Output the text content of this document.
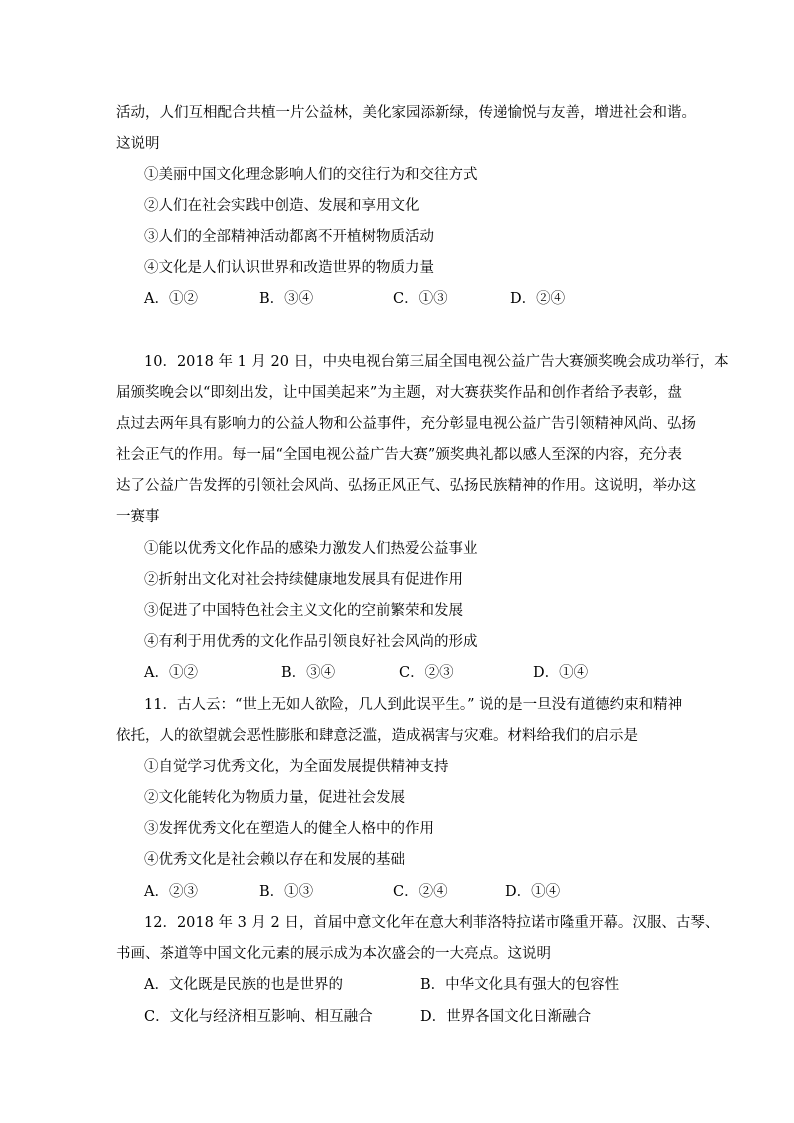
活动，人们互相配合共植一片公益林，美化家园添新绿，传递愉悦与友善，增进社会和谐。
这说明
①美丽中国文化理念影响人们的交往行为和交往方式
②人们在社会实践中创造、发展和享用文化
③人们的全部精神活动都离不开植树物质活动
④文化是人们认识世界和改造世界的物质力量
A．①②	B．③④	C．①③	D．②④
10．2018 年 1 月 20 日，中央电视台第三届全国电视公益广告大赛颁奖晚会成功举行，本
届颁奖晚会以“即刻出发，让中国美起来”为主题，对大赛获奖作品和创作者给予表彰，盘
点过去两年具有影响力的公益人物和公益事件，充分彰显电视公益广告引领精神风尚、弘扬
社会正气的作用。每一届“全国电视公益广告大赛”颁奖典礼都以感人至深的内容，充分表
达了公益广告发挥的引领社会风尚、弘扬正风正气、弘扬民族精神的作用。这说明，举办这
一赛事
①能以优秀文化作品的感染力激发人们热爱公益事业
②折射出文化对社会持续健康地发展具有促进作用
③促进了中国特色社会主义文化的空前繁荣和发展
④有利于用优秀的文化作品引领良好社会风尚的形成
A．①②	B．③④	C．②③	D．①④
11．古人云：“世上无如人欲险，几人到此误平生。” 说的是一旦没有道德约束和精神
依托，人的欲望就会恶性膨胀和肆意泛滥，造成祸害与灾难。材料给我们的启示是
①自觉学习优秀文化，为全面发展提供精神支持
②文化能转化为物质力量，促进社会发展
③发挥优秀文化在塑造人的健全人格中的作用
④优秀文化是社会赖以存在和发展的基础
A．②③	B．①③	C．②④	D．①④
12．2018 年 3 月 2 日，首届中意文化年在意大利菲洛特拉诺市隆重开幕。汉服、古琴、
书画、茶道等中国文化元素的展示成为本次盛会的一大亮点。这说明
A．文化既是民族的也是世界的	B．中华文化具有强大的包容性
C．文化与经济相互影响、相互融合	D．世界各国文化日渐融合
